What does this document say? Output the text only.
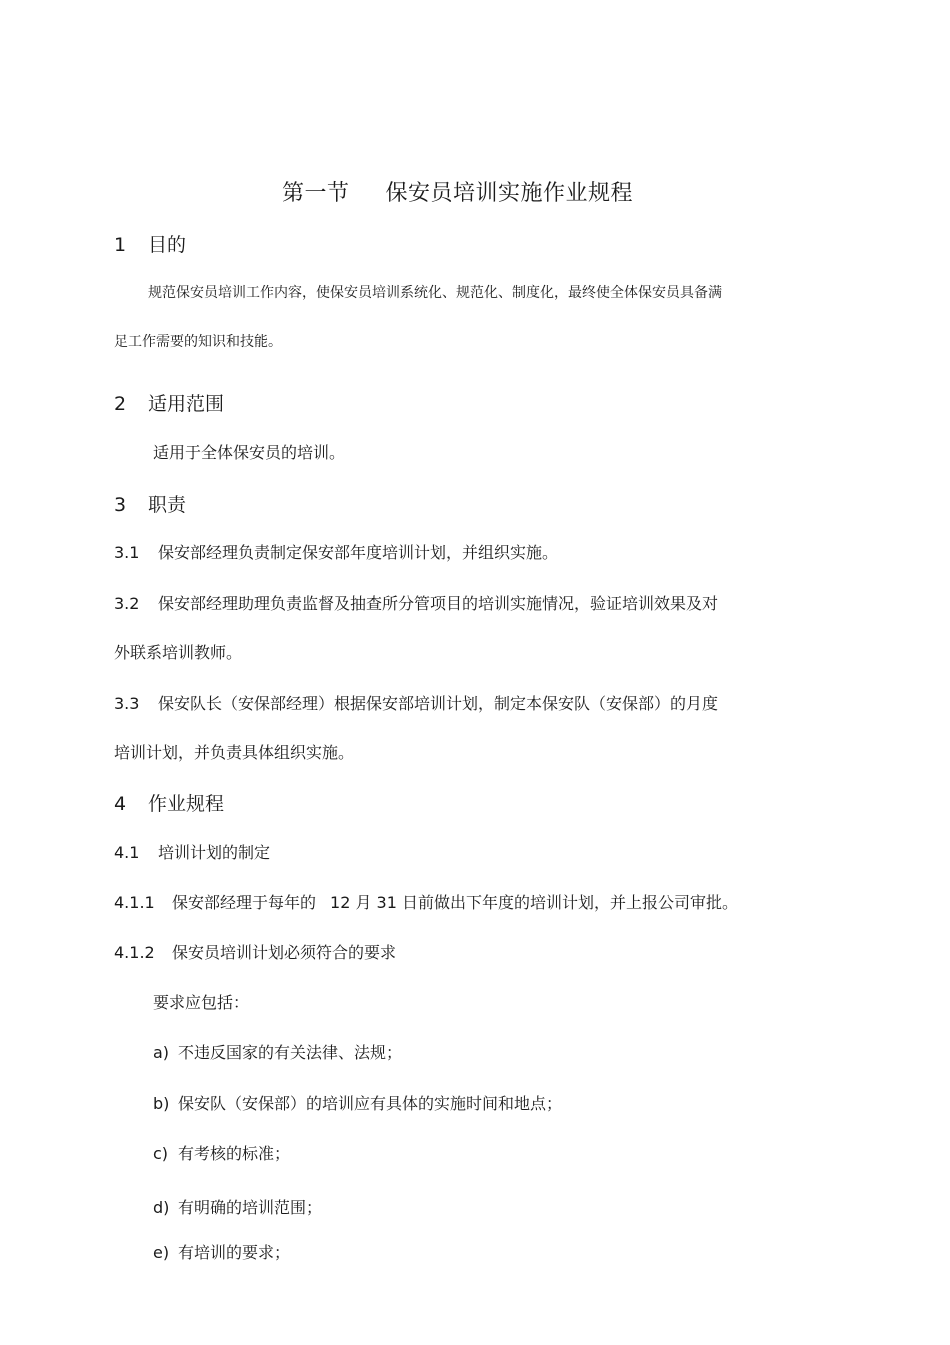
第一节 保安员培训实施作业规程
1 目的
规范保安员培训工作内容，使保安员培训系统化、规范化、制度化，最终使全体保安员具备满
足工作需要的知识和技能。
2 适用范围
适用于全体保安员的培训。
3 职责
3.1 保安部经理负责制定保安部年度培训计划，并组织实施。
3.2 保安部经理助理负责监督及抽查所分管项目的培训实施情况，验证培训效果及对
外联系培训教师。
3.3 保安队长（安保部经理）根据保安部培训计划，制定本保安队（安保部）的月度
培训计划，并负责具体组织实施。
4 作业规程
4.1 培训计划的制定
4.1.1 保安部经理于每年的 12 月 31 日前做出下年度的培训计划，并上报公司审批。
4.1.2 保安员培训计划必须符合的要求
要求应包括：
a) 不违反国家的有关法律、法规；
b) 保安队（安保部）的培训应有具体的实施时间和地点；
c) 有考核的标准；
d) 有明确的培训范围；
e) 有培训的要求；
